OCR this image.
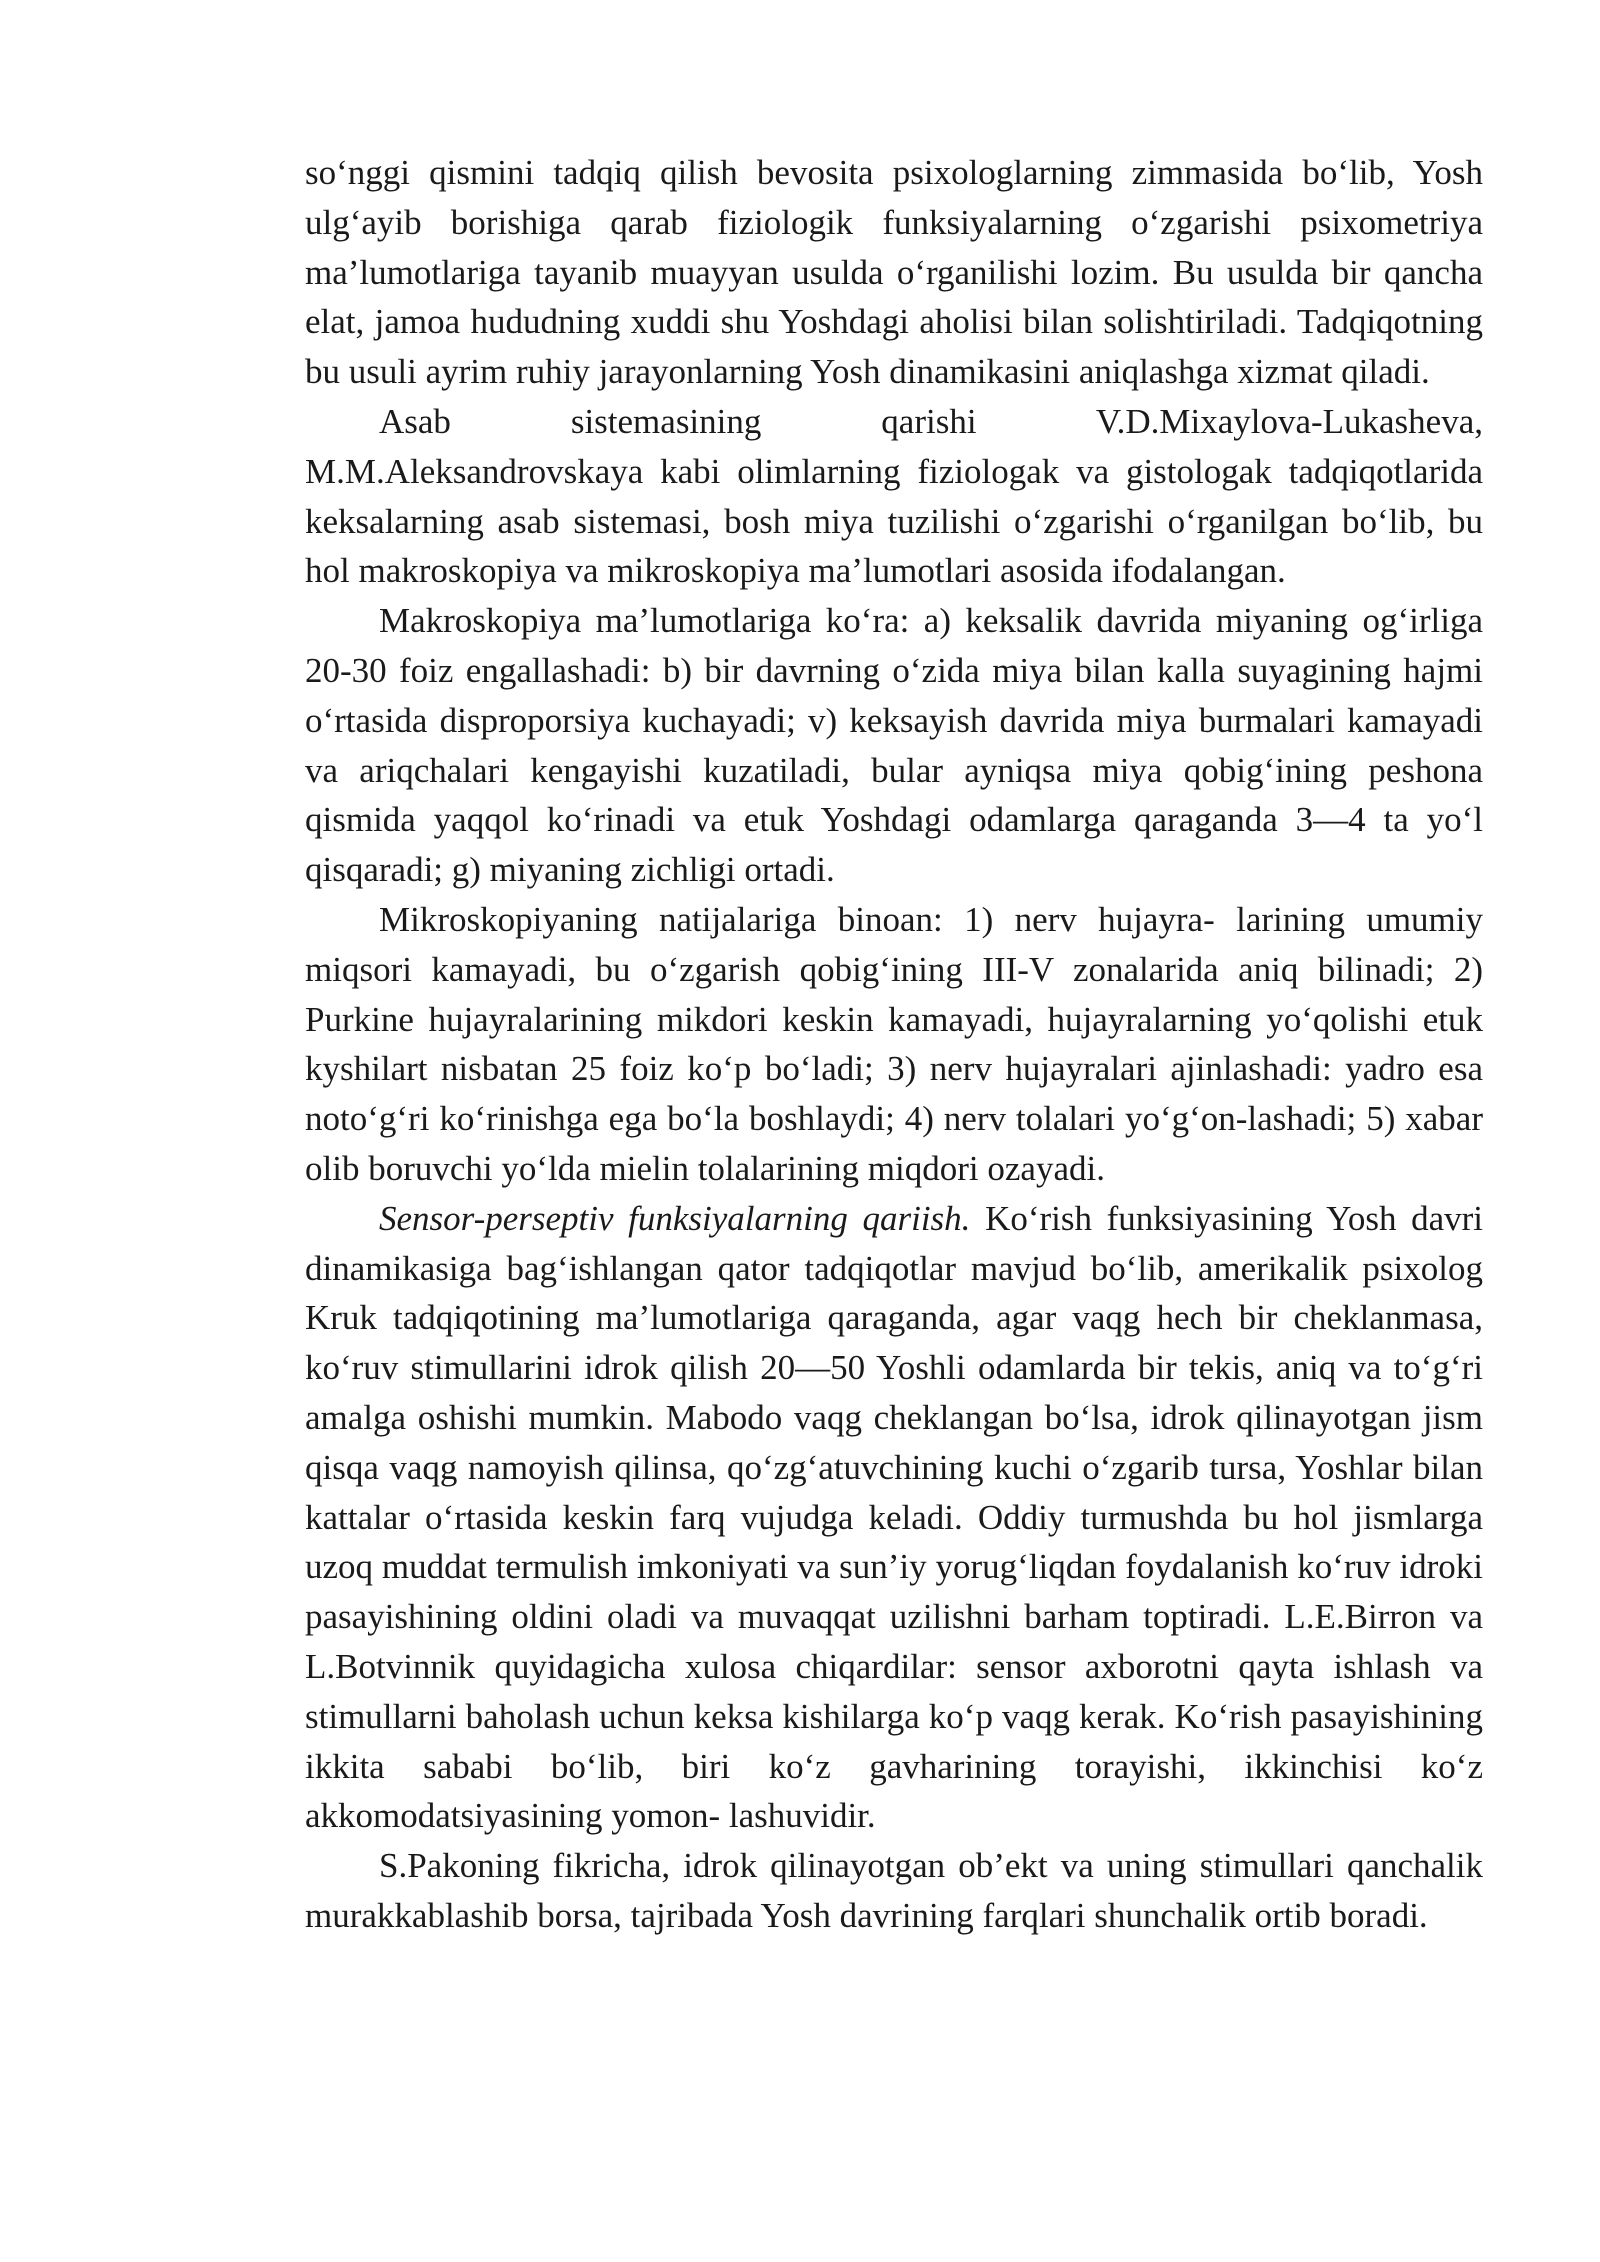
so‘nggi qismini tadqiq qilish bevosita psixologlarning zimmasida bo‘lib, Yosh ulg‘ayib borishiga qarab fiziologik funksiyalarning o‘zgarishi psixometriya ma’lumotlariga tayanib muayyan usulda o‘rganilishi lozim. Bu usulda bir qancha elat, jamoa hududning xuddi shu Yoshdagi aholisi bilan solishtiriladi. Tadqiqotning bu usuli ayrim ruhiy jarayonlarning Yosh dinamikasini aniqlashga xizmat qiladi.

Asab sistemasining qarishi V.D.Mixaylova-Lukasheva, M.M.Aleksandrovskaya kabi olimlarning fiziologak va gistologak tadqiqotlarida keksalarning asab sistemasi, bosh miya tuzilishi o‘zgarishi o‘rganilgan bo‘lib, bu hol makroskopiya va mikroskopiya ma’lumotlari asosida ifodalangan.

Makroskopiya ma’lumotlariga ko‘ra: a) keksalik davrida miyaning og‘irliga 20-30 foiz engallashadi: b) bir davrning o‘zida miya bilan kalla suyagining hajmi o‘rtasida disproporsiya kuchayadi; v) keksayish davrida miya burmalari kamayadi va ariqchalari kengayishi kuzatiladi, bular ayniqsa miya qobig‘ining peshona qismida yaqqol ko‘rinadi va etuk Yoshdagi odamlarga qaraganda 3—4 ta yo‘l qisqaradi; g) miyaning zichligi ortadi.

Mikroskopiyaning natijalariga binoan: 1) nerv hujayra- larining umumiy miqsori kamayadi, bu o‘zgarish qobig‘ining III-V zonalarida aniq bilinadi; 2) Purkine hujayralarining mikdori keskin kamayadi, hujayralarning yo‘qolishi etuk kyshilart nisbatan 25 foiz ko‘p bo‘ladi; 3) nerv hujayralari ajinlashadi: yadro esa noto‘g‘ri ko‘rinishga ega bo‘la boshlaydi; 4) nerv tolalari yo‘g‘on-lashadi; 5) xabar olib boruvchi yo‘lda mielin tolalarining miqdori ozayadi.

Sensor-perseptiv funksiyalarning qariish. Ko‘rish funksiyasining Yosh davri dinamikasiga bag‘ishlangan qator tadqiqotlar mavjud bo‘lib, amerikalik psixolog Kruk tadqiqotining ma’lumotlariga qaraganda, agar vaqg hech bir cheklanmasa, ko‘ruv stimullarini idrok qilish 20—50 Yoshli odamlarda bir tekis, aniq va to‘g‘ri amalga oshishi mumkin. Mabodo vaqg cheklangan bo‘lsa, idrok qilinayotgan jism qisqa vaqg namoyish qilinsa, qo‘zg‘atuvchining kuchi o‘zgarib tursa, Yoshlar bilan kattalar o‘rtasida keskin farq vujudga keladi. Oddiy turmushda bu hol jismlarga uzoq muddat termulish imkoniyati va sun’iy yorug‘liqdan foydalanish ko‘ruv idroki pasayishining oldini oladi va muvaqqat uzilishni barham toptiradi. L.E.Birron va L.Botvinnik quyidagicha xulosa chiqardilar: sensor axborotni qayta ishlash va stimullarni baholash uchun keksa kishilarga ko‘p vaqg kerak. Ko‘rish pasayishining ikkita sababi bo‘lib, biri ko‘z gavharining torayishi, ikkinchisi ko‘z akkomodatsiyasining yomon- lashuvidir.

S.Pakoning fikricha, idrok qilinayotgan ob’ekt va uning stimullari qanchalik murakkablashib borsa, tajribada Yosh davrining farqlari shunchalik ortib boradi.
